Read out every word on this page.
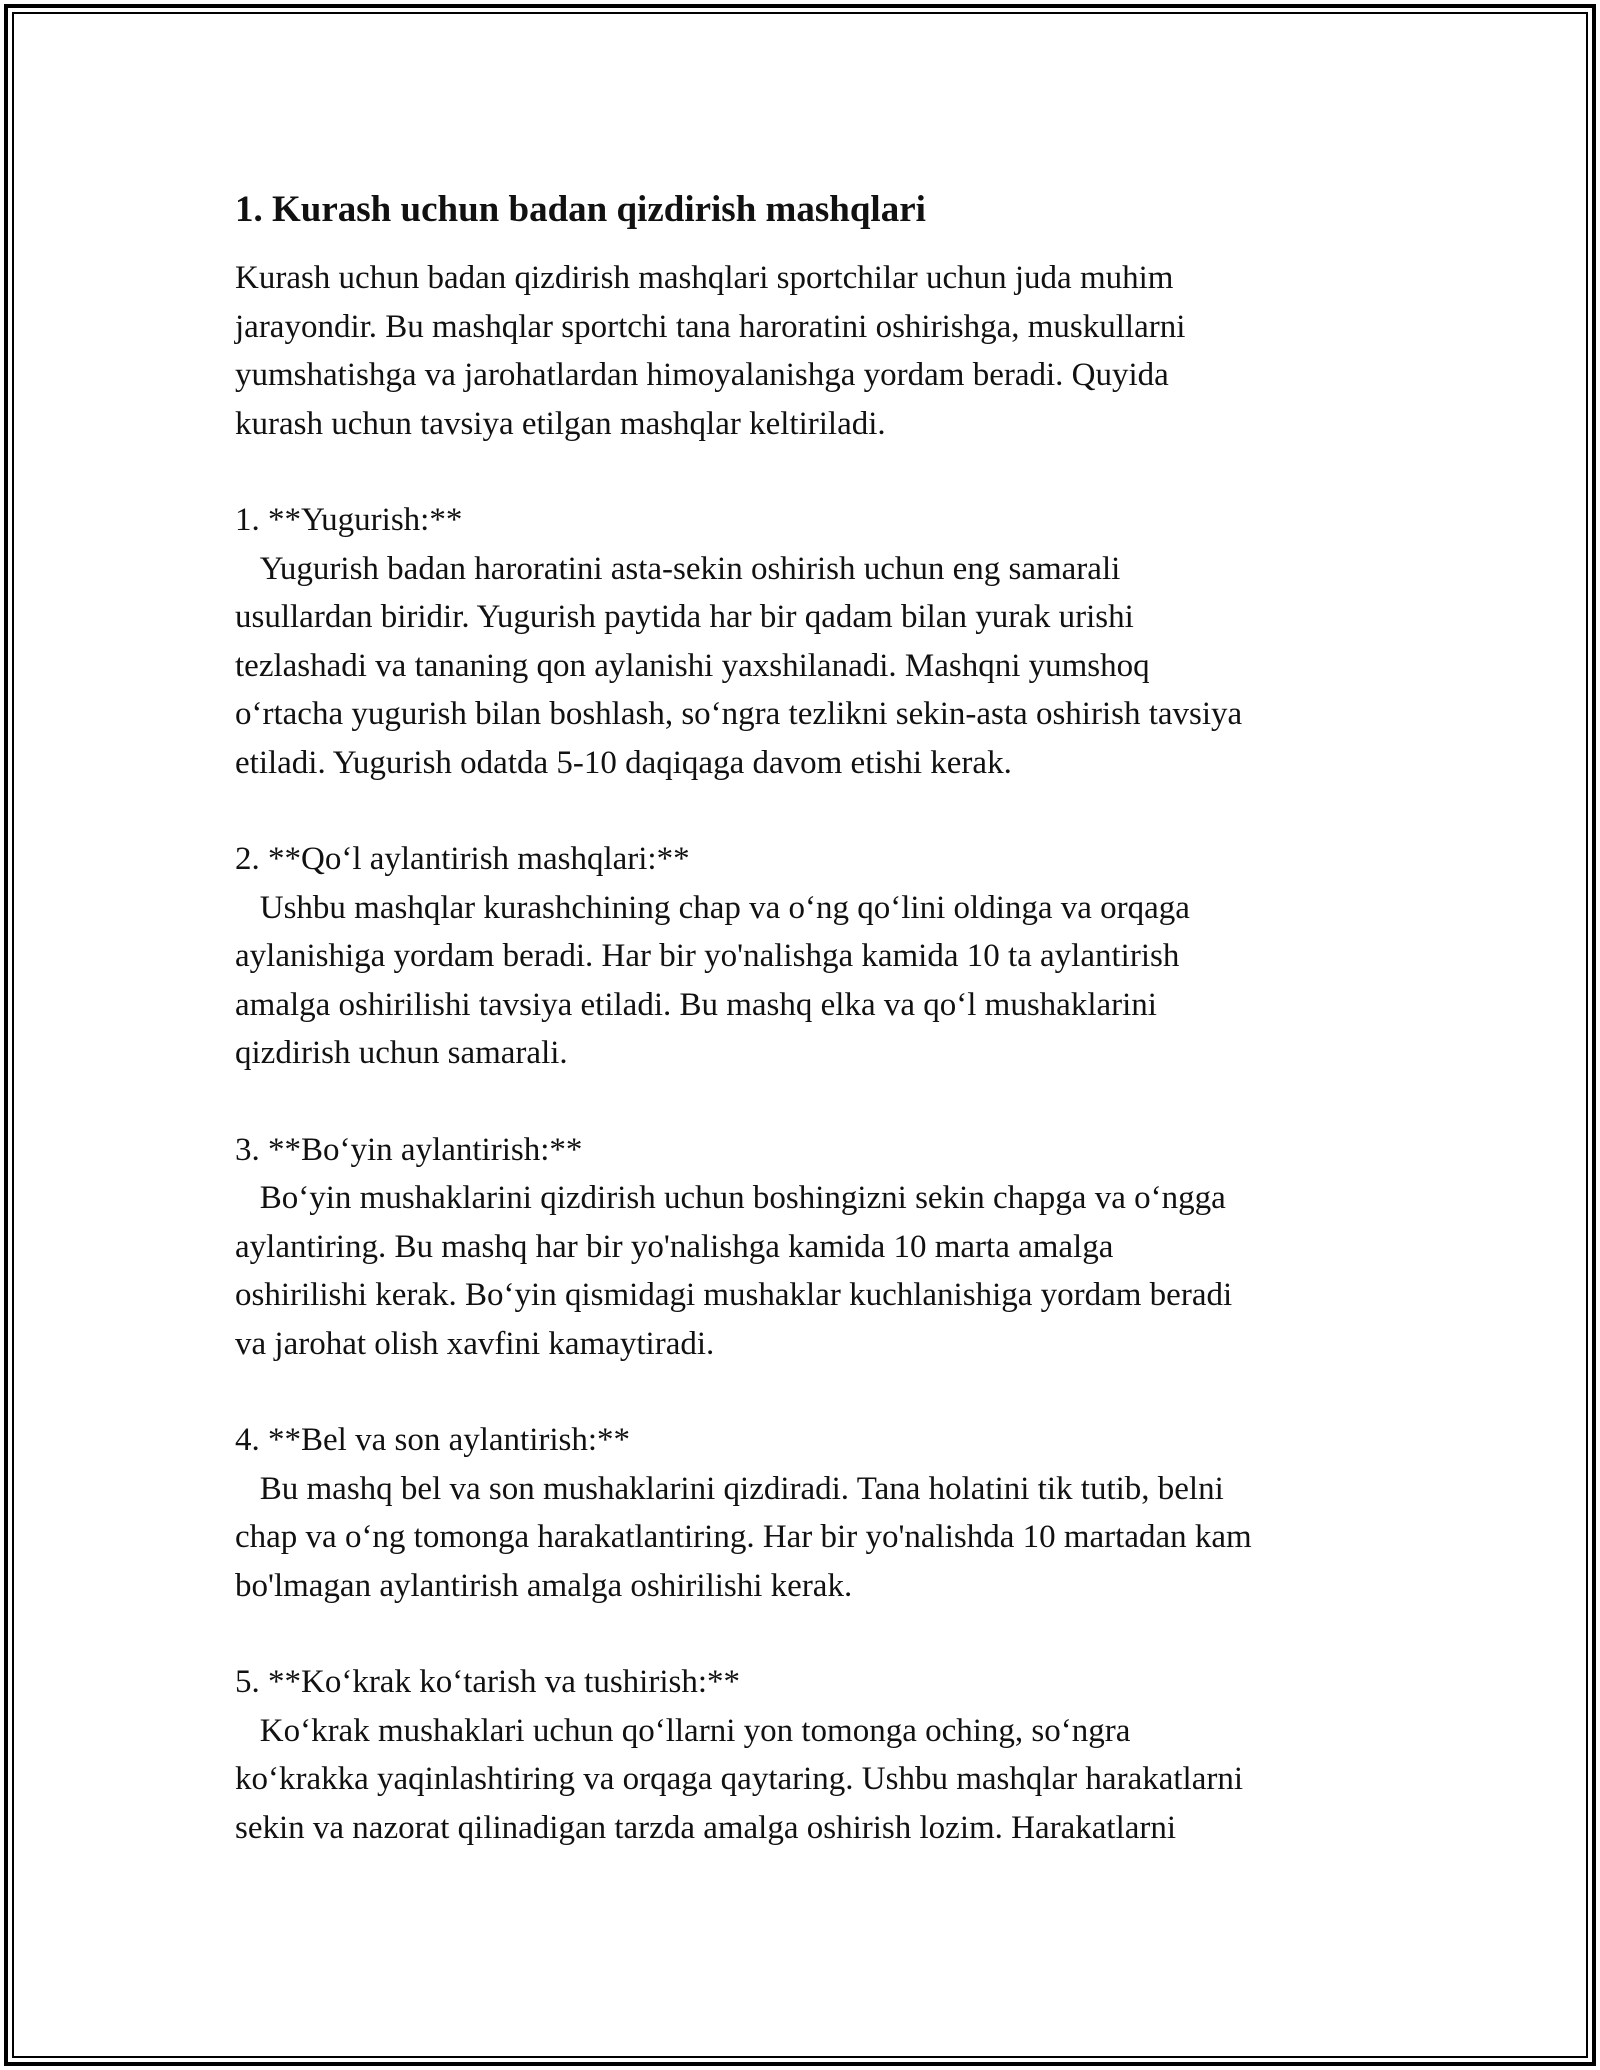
1. Kurash uchun badan qizdirish mashqlari

Kurash uchun badan qizdirish mashqlari sportchilar uchun juda muhim
jarayondir. Bu mashqlar sportchi tana haroratini oshirishga, muskullarni
yumshatishga va jarohatlardan himoyalanishga yordam beradi. Quyida
kurash uchun tavsiya etilgan mashqlar keltiriladi.

1. **Yugurish:**

Yugurish badan haroratini asta-sekin oshirish uchun eng samarali
usullardan biridir. Yugurish paytida har bir qadam bilan yurak urishi
tezlashadi va tananing qon aylanishi yaxshilanadi. Mashqni yumshoq
oʻrtacha yugurish bilan boshlash, soʻngra tezlikni sekin-asta oshirish tavsiya
etiladi. Yugurish odatda 5-10 daqiqaga davom etishi kerak.

2. **Qoʻl aylantirish mashqlari:**

Ushbu mashqlar kurashchining chap va oʻng qoʻlini oldinga va orqaga
aylanishiga yordam beradi. Har bir yo'nalishga kamida 10 ta aylantirish
amalga oshirilishi tavsiya etiladi. Bu mashq elka va qoʻl mushaklarini
qizdirish uchun samarali.

3. **Boʻyin aylantirish:**

Boʻyin mushaklarini qizdirish uchun boshingizni sekin chapga va oʻngga
aylantiring. Bu mashq har bir yo'nalishga kamida 10 marta amalga
oshirilishi kerak. Boʻyin qismidagi mushaklar kuchlanishiga yordam beradi
va jarohat olish xavfini kamaytiradi.

4. **Bel va son aylantirish:**

Bu mashq bel va son mushaklarini qizdiradi. Tana holatini tik tutib, belni
chap va oʻng tomonga harakatlantiring. Har bir yo'nalishda 10 martadan kam
bo'lmagan aylantirish amalga oshirilishi kerak.

5. **Koʻkrak koʻtarish va tushirish:**

Koʻkrak mushaklari uchun qoʻllarni yon tomonga oching, soʻngra
koʻkrakka yaqinlashtiring va orqaga qaytaring. Ushbu mashqlar harakatlarni
sekin va nazorat qilinadigan tarzda amalga oshirish lozim. Harakatlarni
